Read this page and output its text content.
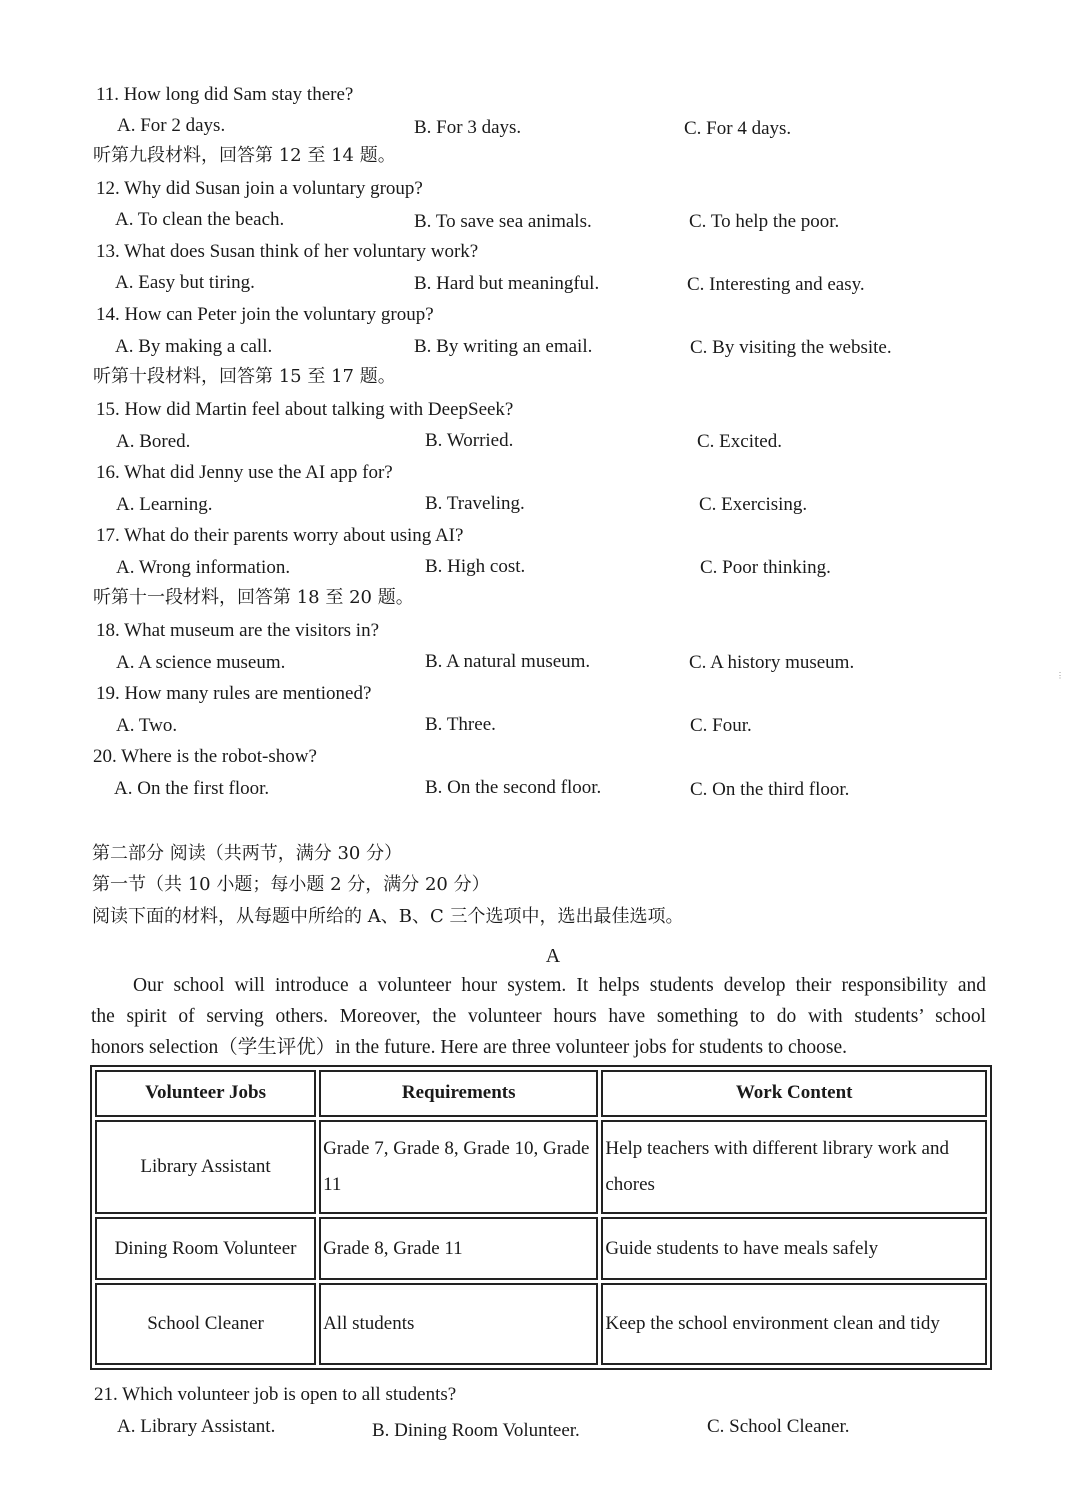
11. How long did Sam stay there?
A. For 2 days.	B. For 3 days.	C. For 4 days.
听第九段材料，回答第 12 至 14 题。
12. Why did Susan join a voluntary group?
A. To clean the beach.	B. To save sea animals.	C. To help the poor.
13. What does Susan think of her voluntary work?
A. Easy but tiring.	B. Hard but meaningful.	C. Interesting and easy.
14. How can Peter join the voluntary group?
A. By making a call.	B. By writing an email.	C. By visiting the website.
听第十段材料，回答第 15 至 17 题。
15. How did Martin feel about talking with DeepSeek?
A. Bored.	B. Worried.	C. Excited.
16. What did Jenny use the AI app for?
A. Learning.	B. Traveling.	C. Exercising.
17. What do their parents worry about using AI?
A. Wrong information.	B. High cost.	C. Poor thinking.
听第十一段材料，回答第 18 至 20 题。
18. What museum are the visitors in?
A. A science museum.	B. A natural museum.	C. A history museum.
19. How many rules are mentioned?
A. Two.	B. Three.	C. Four.
20. Where is the robot-show?
A. On the first floor.	B. On the second floor.	C. On the third floor.
第二部分 阅读（共两节，满分 30 分）
第一节（共 10 小题；每小题 2 分，满分 20 分）
阅读下面的材料，从每题中所给的 A、B、C 三个选项中，选出最佳选项。
A
Our school will introduce a volunteer hour system. It helps students develop their responsibility and
the spirit of serving others. Moreover, the volunteer hours have something to do with students’ school
honors selection（学生评优）in the future. Here are three volunteer jobs for students to choose.
Volunteer Jobs	Requirements	Work Content
Library Assistant	Grade 7, Grade 8, Grade 10, Grade 11	Help teachers with different library work and chores
Dining Room Volunteer	Grade 8, Grade 11	Guide students to have meals safely
School Cleaner	All students	Keep the school environment clean and tidy
21. Which volunteer job is open to all students?
A. Library Assistant.	B. Dining Room Volunteer.	C. School Cleaner.
⋮
